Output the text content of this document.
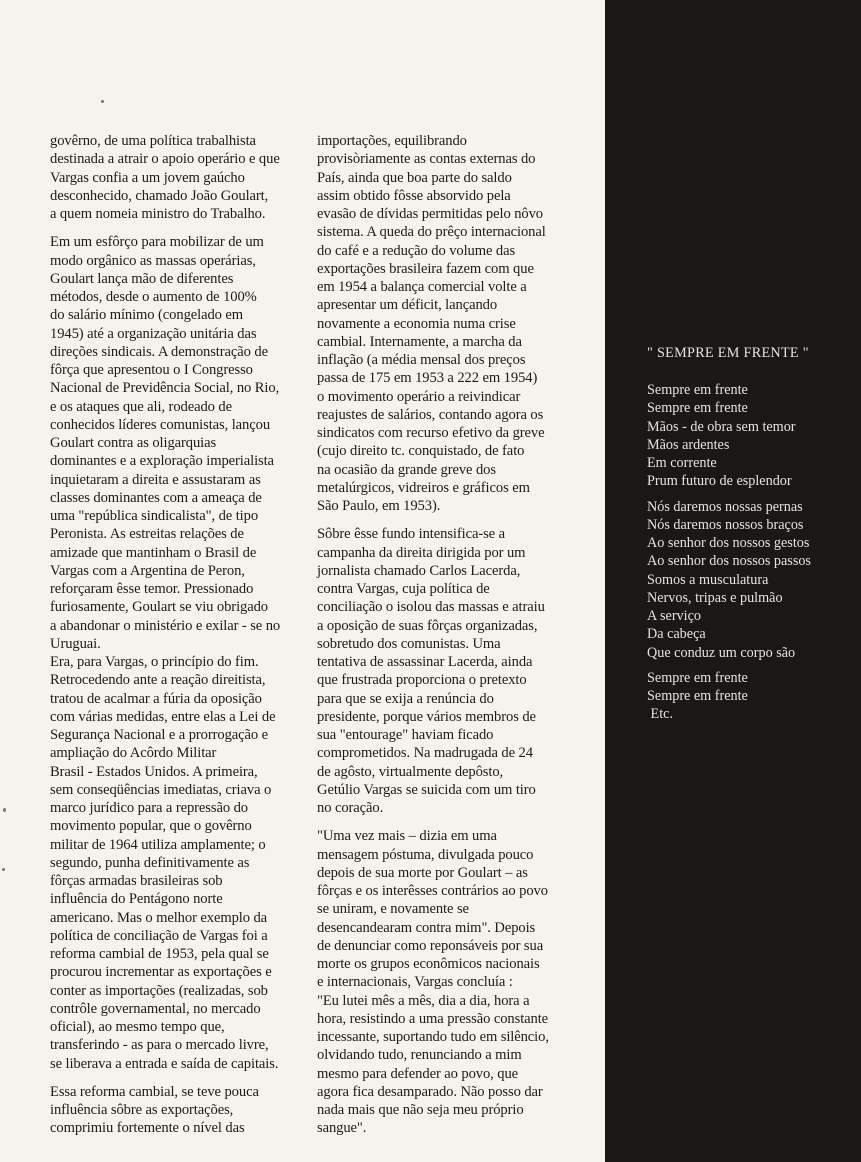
govêrno, de uma política trabalhista
destinada a atrair o apoio operário e que
Vargas confia a um jovem gaúcho
desconhecido, chamado João Goulart,
a quem nomeia ministro do Trabalho.
Em um esfôrço para mobilizar de um
modo orgânico as massas operárias,
Goulart lança mão de diferentes
métodos, desde o aumento de 100%
do salário mínimo (congelado em
1945) até a organização unitária das
direções sindicais. A demonstração de
fôrça que apresentou o I Congresso
Nacional de Previdência Social, no Rio,
e os ataques que ali, rodeado de
conhecidos líderes comunistas, lançou
Goulart contra as oligarquias
dominantes e a exploração imperialista
inquietaram a direita e assustaram as
classes dominantes com a ameaça de
uma "república sindicalista", de tipo
Peronista. As estreitas relações de
amizade que mantinham o Brasil de
Vargas com a Argentina de Peron,
reforçaram êsse temor. Pressionado
furiosamente, Goulart se viu obrigado
a abandonar o ministério e exilar - se no
Uruguai.
Era, para Vargas, o princípio do fim.
Retrocedendo ante a reação direitista,
tratou de acalmar a fúria da oposição
com várias medidas, entre elas a Lei de
Segurança Nacional e a prorrogação e
ampliação do Acôrdo Militar
Brasil - Estados Unidos. A primeira,
sem conseqüências imediatas, criava o
marco jurídico para a repressão do
movimento popular, que o govêrno
militar de 1964 utiliza amplamente; o
segundo, punha definitivamente as
fôrças armadas brasileiras sob
influência do Pentágono norte
americano. Mas o melhor exemplo da
política de conciliação de Vargas foi a
reforma cambial de 1953, pela qual se
procurou incrementar as exportações e
conter as importações (realizadas, sob
contrôle governamental, no mercado
oficial), ao mesmo tempo que,
transferindo - as para o mercado livre,
se liberava a entrada e saída de capitais.
Essa reforma cambial, se teve pouca
influência sôbre as exportações,
comprimiu fortemente o nível das
importações, equilibrando
provisòriamente as contas externas do
País, ainda que boa parte do saldo
assim obtido fôsse absorvido pela
evasão de dívidas permitidas pelo nôvo
sistema. A queda do prêço internacional
do café e a redução do volume das
exportações brasileira fazem com que
em 1954 a balança comercial volte a
apresentar um déficit, lançando
novamente a economia numa crise
cambial. Internamente, a marcha da
inflação (a média mensal dos preços
passa de 175 em 1953 a 222 em 1954)
o movimento operário a reivindicar
reajustes de salários, contando agora os
sindicatos com recurso efetivo da greve
(cujo direito tc. conquistado, de fato
na ocasião da grande greve dos
metalúrgicos, vidreiros e gráficos em
São Paulo, em 1953).
Sôbre êsse fundo intensifica-se a
campanha da direita dirigida por um
jornalista chamado Carlos Lacerda,
contra Vargas, cuja política de
conciliação o isolou das massas e atraiu
a oposição de suas fôrças organizadas,
sobretudo dos comunistas. Uma
tentativa de assassinar Lacerda, ainda
que frustrada proporciona o pretexto
para que se exija a renúncia do
presidente, porque vários membros de
sua "entourage" haviam ficado
comprometidos. Na madrugada de 24
de agôsto, virtualmente depôsto,
Getúlio Vargas se suicida com um tiro
no coração.
"Uma vez mais – dizia em uma
mensagem póstuma, divulgada pouco
depois de sua morte por Goulart – as
fôrças e os interêsses contrários ao povo
se uniram, e novamente se
desencandearam contra mim". Depois
de denunciar como reponsáveis por sua
morte os grupos econômicos nacionais
e internacionais, Vargas concluía :
"Eu lutei mês a mês, dia a dia, hora a
hora, resistindo a uma pressão constante
incessante, suportando tudo em silêncio,
olvidando tudo, renunciando a mim
mesmo para defender ao povo, que
agora fica desamparado. Não posso dar
nada mais que não seja meu próprio
sangue".
" SEMPRE EM FRENTE "
Sempre em frente
Sempre em frente
Mãos - de obra sem temor
Mãos ardentes
Em corrente
Prum futuro de esplendor
Nós daremos nossas pernas
Nós daremos nossos braços
Ao senhor dos nossos gestos
Ao senhor dos nossos passos
Somos a musculatura
Nervos, tripas e pulmão
A serviço
Da cabeça
Que conduz um corpo são
Sempre em frente
Sempre em frente
Etc.
